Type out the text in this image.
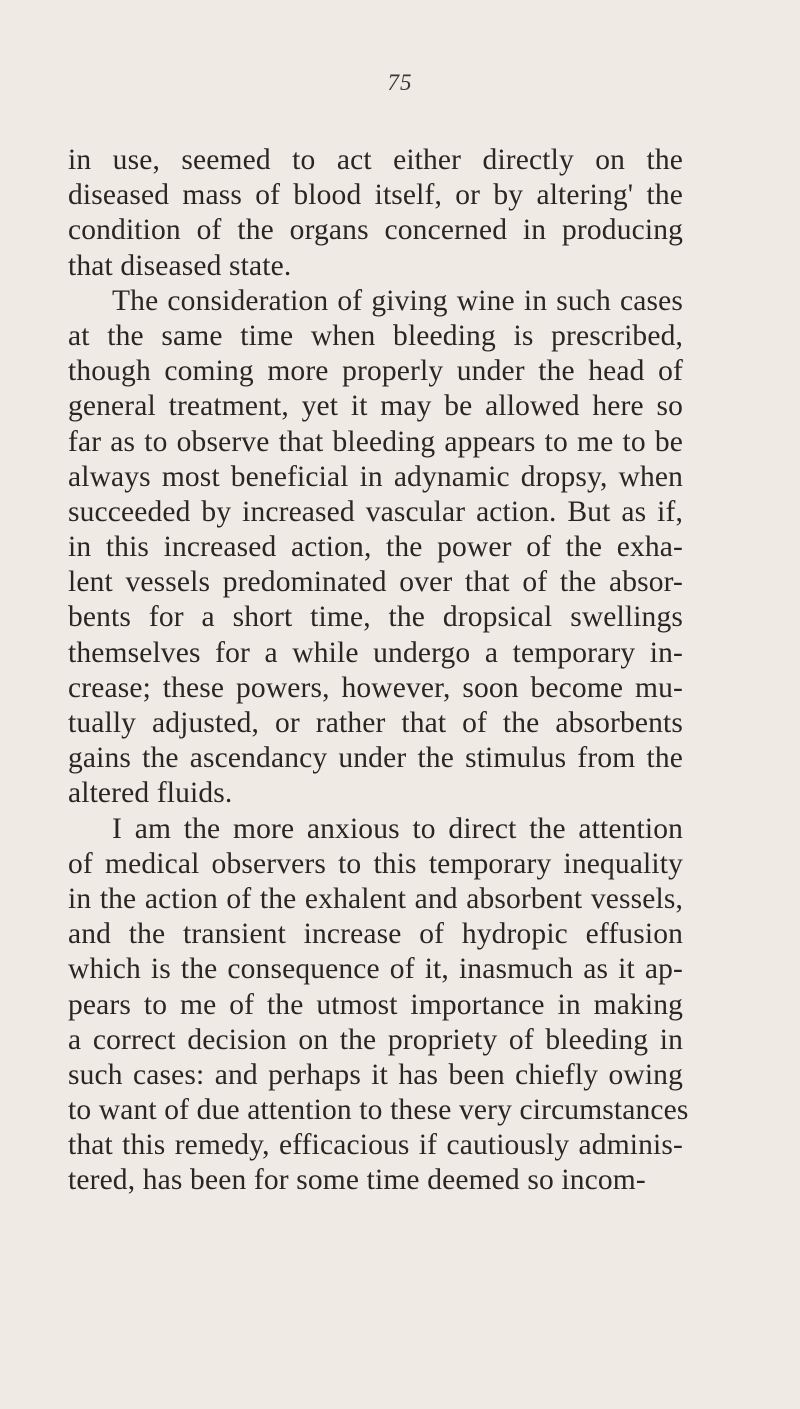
75
in use, seemed to act either directly on the
diseased mass of blood itself, or by altering' the
condition of the organs concerned in producing
that diseased state.
The consideration of giving wine in such cases
at the same time when bleeding is prescribed,
though coming more properly under the head of
general treatment, yet it may be allowed here so
far as to observe that bleeding appears to me to be
always most beneficial in adynamic dropsy, when
succeeded by increased vascular action. But as if,
in this increased action, the power of the exha-
lent vessels predominated over that of the absor-
bents for a short time, the dropsical swellings
themselves for a while undergo a temporary in-
crease; these powers, however, soon become mu-
tually adjusted, or rather that of the absorbents
gains the ascendancy under the stimulus from the
altered fluids.
I am the more anxious to direct the attention
of medical observers to this temporary inequality
in the action of the exhalent and absorbent vessels,
and the transient increase of hydropic effusion
which is the consequence of it, inasmuch as it ap-
pears to me of the utmost importance in making
a correct decision on the propriety of bleeding in
such cases: and perhaps it has been chiefly owing
to want of due attention to these very circumstances
that this remedy, efficacious if cautiously adminis-
tered, has been for some time deemed so incom-
